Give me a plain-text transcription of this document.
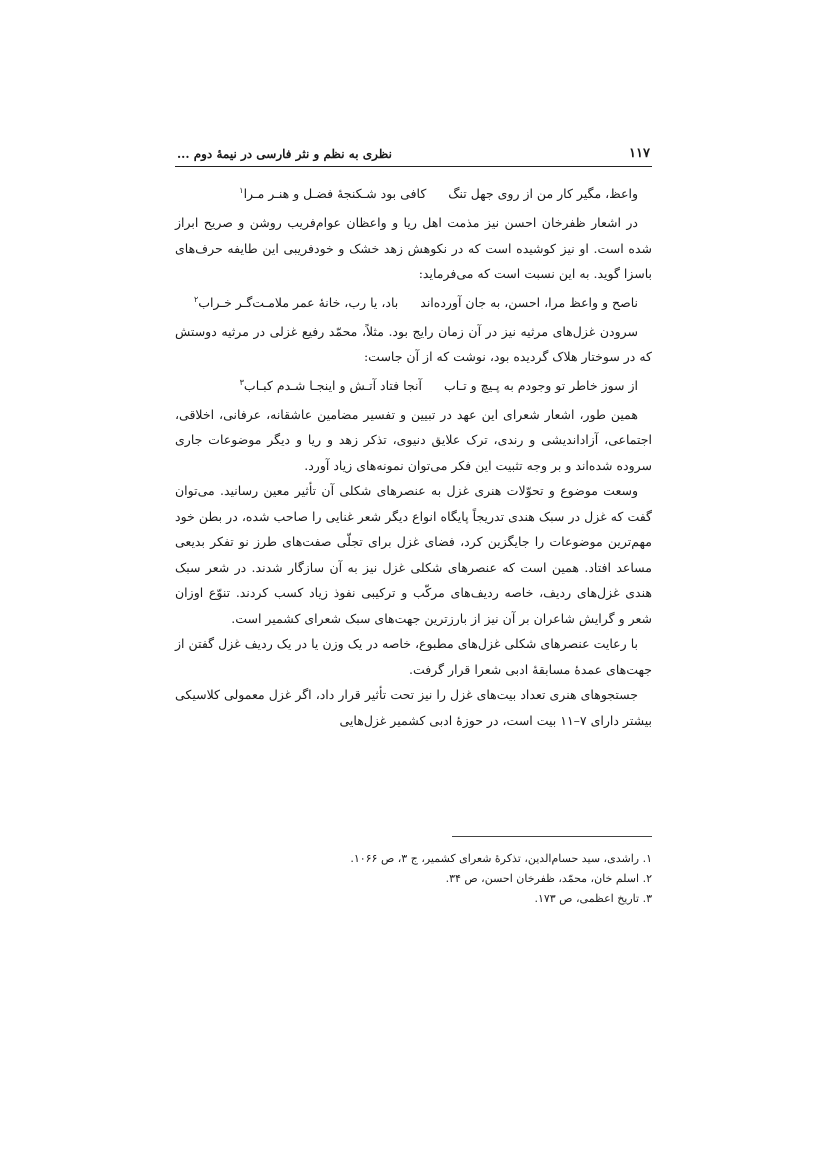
۱۱۷
نظری به نظم و نثر فارسی در نیمهٔ دوم ...
واعظ، مگیر کار من از روی جهل تنگ
کافی بود شـکنجهٔ فضـل و هنـر مـرا$^۱$

در اشعار ظفرخان احسن نیز مذمت اهل ریا و واعظان عوام‌فریب روشن و صریح ابراز شده است. او نیز کوشیده است که در نکوهش زهد خشک و خودفریبی این طایفه حرف‌های باسزا گوید. به این نسبت است که می‌فرماید:

ناصح و واعظ مرا، احسن، به جان آورده‌اند
باد، یا رب، خانهٔ عمر ملامـت‌گـر خـراب$^۲$

سرودن غزل‌های مرثیه نیز در آن زمان رایج بود. مثلاً، محمّد رفیع غزلی در مرثیه دوستش که در سوختار هلاک گردیده بود، نوشت که از آن جاست:

از سوز خاطر تو وجودم به پـیچ و تـاب
آنجا فتاد آتـش و اینجـا شـدم کبـاب$^۳$

همین طور، اشعار شعرای این عهد در تبیین و تفسیر مضامین عاشقانه، عرفانی، اخلاقی، اجتماعی، آزاداندیشی و رندی، ترک علایق دنیوی، تذکر زهد و ریا و دیگر موضوعات جاری سروده شده‌اند و بر وجه تثبیت این فکر می‌توان نمونه‌های زیاد آورد.

وسعت موضوع و تحوّلات هنری غزل به عنصرهای شکلی آن تأثیر معین رسانید. می‌توان گفت که غزل در سبک هندی تدریجاً پایگاه انواع دیگر شعر غنایی را صاحب شده، در بطن خود مهم‌ترین موضوعات را جایگزین کرد، فضای غزل برای تجلّی صفت‌های طرز نو تفکر بدیعی مساعد افتاد. همین است که عنصرهای شکلی غزل نیز به آن سازگار شدند. در شعر سبک هندی غزل‌های ردیف، خاصه ردیف‌های مرکّب و ترکیبی نفوذ زیاد کسب کردند. تنوّع اوزان شعر و گرایش شاعران بر آن نیز از بارزترین جهت‌های سبک شعرای کشمیر است.

با رعایت عنصرهای شکلی غزل‌های مطبوع، خاصه در یک وزن یا در یک ردیف غزل گفتن از جهت‌های عمدهٔ مسابقهٔ ادبی شعرا قرار گرفت.

جستجوهای هنری تعداد بیت‌های غزل را نیز تحت تأثیر قرار داد، اگر غزل معمولی کلاسیکی بیشتر دارای ۷–۱۱ بیت است، در حوزهٔ ادبی کشمیر غزل‌هایی

۱. راشدی، سید حسام‌الدین، تذکرهٔ شعرای کشمیر، ج ۳، ص ۱۰۶۶.
۲. اسلم خان، محمّد، ظفرخان احسن، ص ۳۴.
۳. تاریخ اعظمی، ص ۱۷۳.
